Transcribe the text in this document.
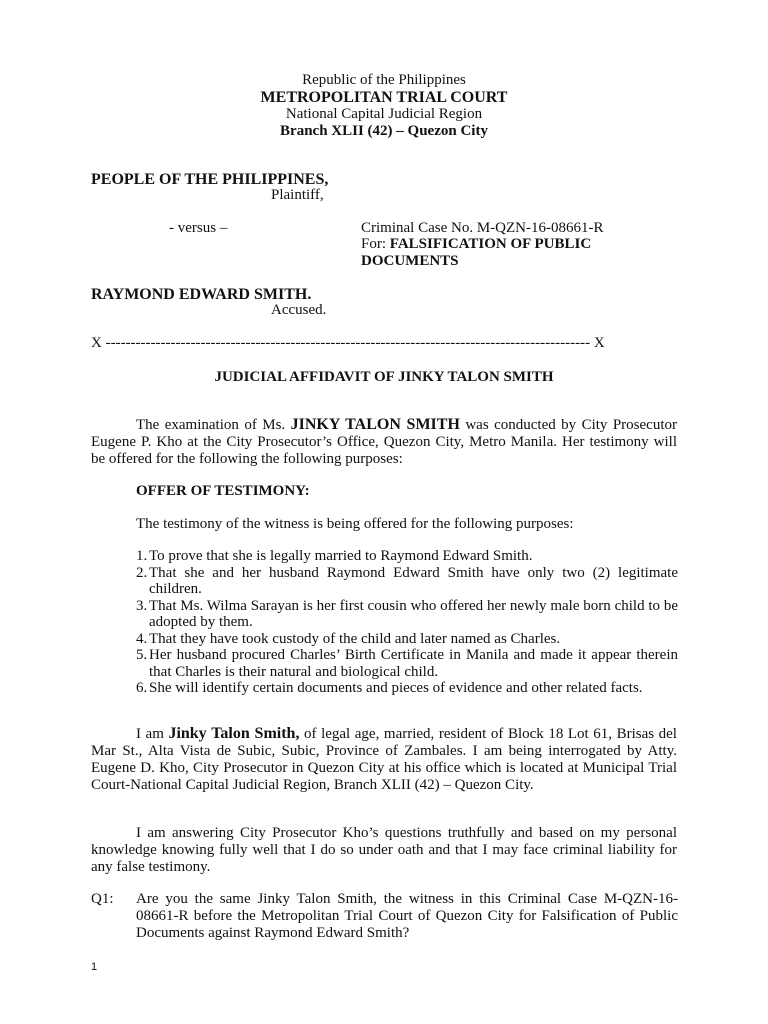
Republic of the Philippines
METROPOLITAN TRIAL COURT
National Capital Judicial Region
Branch XLII (42) – Quezon City
PEOPLE OF THE PHILIPPINES,
Plaintiff,
- versus –	Criminal Case No. M-QZN-16-08661-R
For: FALSIFICATION OF PUBLIC
DOCUMENTS
RAYMOND EDWARD SMITH.
Accused.
X ------------------------------------------------------------------------------------------------- X
JUDICIAL AFFIDAVIT OF JINKY TALON SMITH
The examination of Ms. JINKY TALON SMITH was conducted by City Prosecutor Eugene P. Kho at the City Prosecutor’s Office, Quezon City, Metro Manila. Her testimony will be offered for the following the following purposes:
OFFER OF TESTIMONY:
The testimony of the witness is being offered for the following purposes:
1. To prove that she is legally married to Raymond Edward Smith.
2. That she and her husband Raymond Edward Smith have only two (2) legitimate children.
3. That Ms. Wilma Sarayan is her first cousin who offered her newly male born child to be adopted by them.
4. That they have took custody of the child and later named as Charles.
5. Her husband procured Charles’ Birth Certificate in Manila and made it appear therein that Charles is their natural and biological child.
6. She will identify certain documents and pieces of evidence and other related facts.
I am Jinky Talon Smith, of legal age, married, resident of Block 18 Lot 61, Brisas del Mar St., Alta Vista de Subic, Subic, Province of Zambales. I am being interrogated by Atty. Eugene D. Kho, City Prosecutor in Quezon City at his office which is located at Municipal Trial Court-National Capital Judicial Region, Branch XLII (42) – Quezon City.
I am answering City Prosecutor Kho’s questions truthfully and based on my personal knowledge knowing fully well that I do so under oath and that I may face criminal liability for any false testimony.
Q1: Are you the same Jinky Talon Smith, the witness in this Criminal Case M-QZN-16-08661-R before the Metropolitan Trial Court of Quezon City for Falsification of Public Documents against Raymond Edward Smith?
1
